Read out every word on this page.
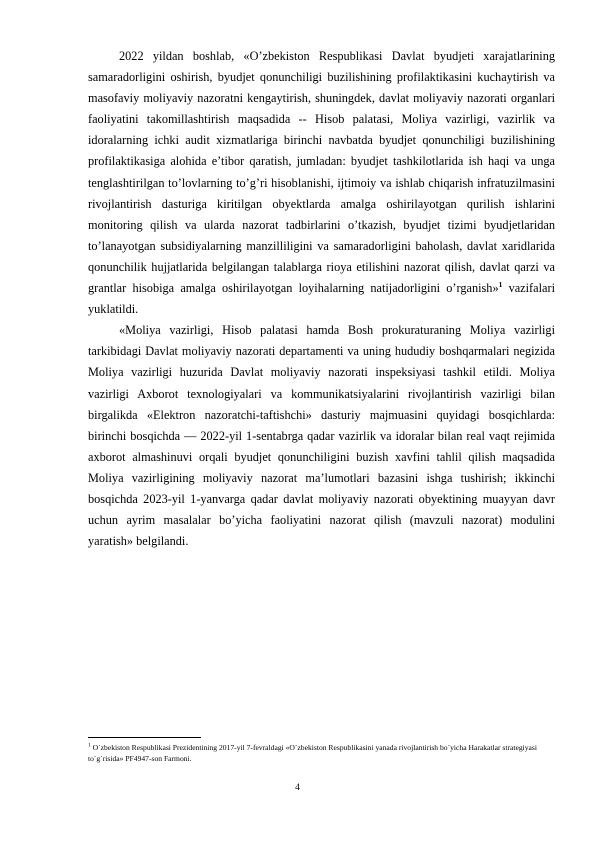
2022 yildan boshlab, «O’zbekiston Respublikasi Davlat byudjeti xarajatlarining samaradorligini oshirish, byudjet qonunchiligi buzilishining profilaktikasini kuchaytirish va masofaviy moliyaviy nazoratni kengaytirish, shuningdek, davlat moliyaviy nazorati organlari faoliyatini takomillashtirish maqsadida -- Hisob palatasi, Moliya vazirligi, vazirlik va idoralarning ichki audit xizmatlariga birinchi navbatda byudjet qonunchiligi buzilishining profilaktikasiga alohida e’tibor qaratish, jumladan: byudjet tashkilotlarida ish haqi va unga tenglashtirilgan to’lovlarning to’g’ri hisoblanishi, ijtimoiy va ishlab chiqarish infratuzilmasini rivojlantirish dasturiga kiritilgan obyektlarda amalga oshirilayotgan qurilish ishlarini monitoring qilish va ularda nazorat tadbirlarini o’tkazish, byudjet tizimi byudjetlaridan to’lanayotgan subsidiyalarning manzilliligini va samaradorligini baholash, davlat xaridlarida qonunchilik hujjatlarida belgilangan talablarga rioya etilishini nazorat qilish, davlat qarzi va grantlar hisobiga amalga oshirilayotgan loyihalarning natijadorligini o’rganish»$^1$ vazifalari yuklatildi.

«Moliya vazirligi, Hisob palatasi hamda Bosh prokuraturaning Moliya vazirligi tarkibidagi Davlat moliyaviy nazorati departamenti va uning hududiy boshqarmalari negizida Moliya vazirligi huzurida Davlat moliyaviy nazorati inspeksiyasi tashkil etildi. Moliya vazirligi Axborot texnologiyalari va kommunikatsiyalarini rivojlantirish vazirligi bilan birgalikda «Elektron nazoratchi-taftishchi» dasturiy majmuasini quyidagi bosqichlarda: birinchi bosqichda — 2022-yil 1-sentabrga qadar vazirlik va idoralar bilan real vaqt rejimida axborot almashinuvi orqali byudjet qonunchiligini buzish xavfini tahlil qilish maqsadida Moliya vazirligining moliyaviy nazorat ma’lumotlari bazasini ishga tushirish; ikkinchi bosqichda 2023-yil 1-yanvarga qadar davlat moliyaviy nazorati obyektining muayyan davr uchun ayrim masalalar bo’yicha faoliyatini nazorat qilish (mavzuli nazorat) modulini yaratish» belgilandi.

$^1$ O`zbekiston Respublikasi Prezidentining 2017-yil 7-fevraldagi «O`zbekiston Respublikasini yanada rivojlantirish bo`yicha Harakatlar strategiyasi to`g`risida» PF4947-son Farmoni.
4
